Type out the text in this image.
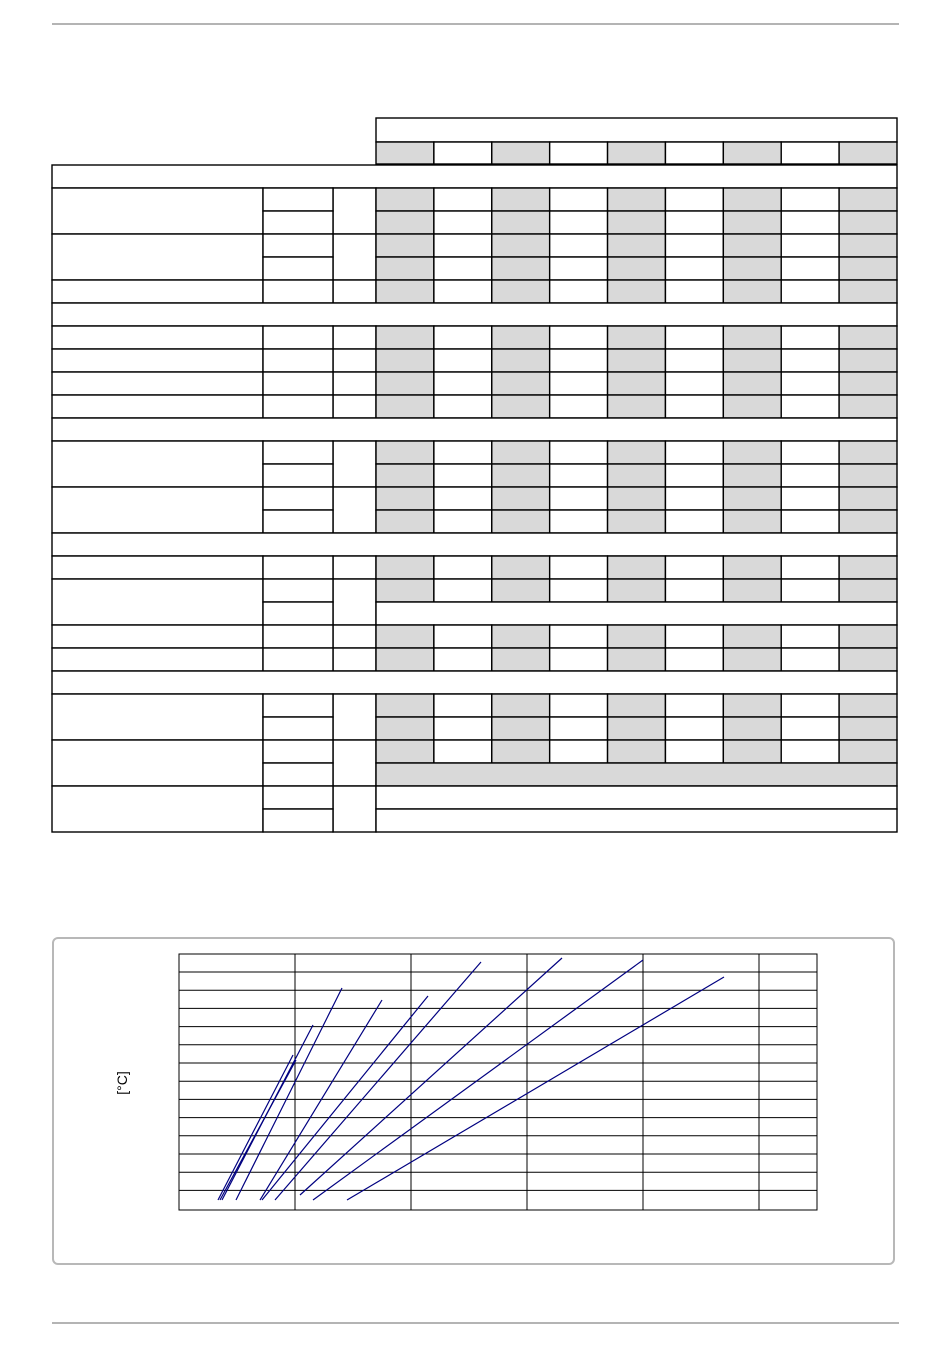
[°C]
